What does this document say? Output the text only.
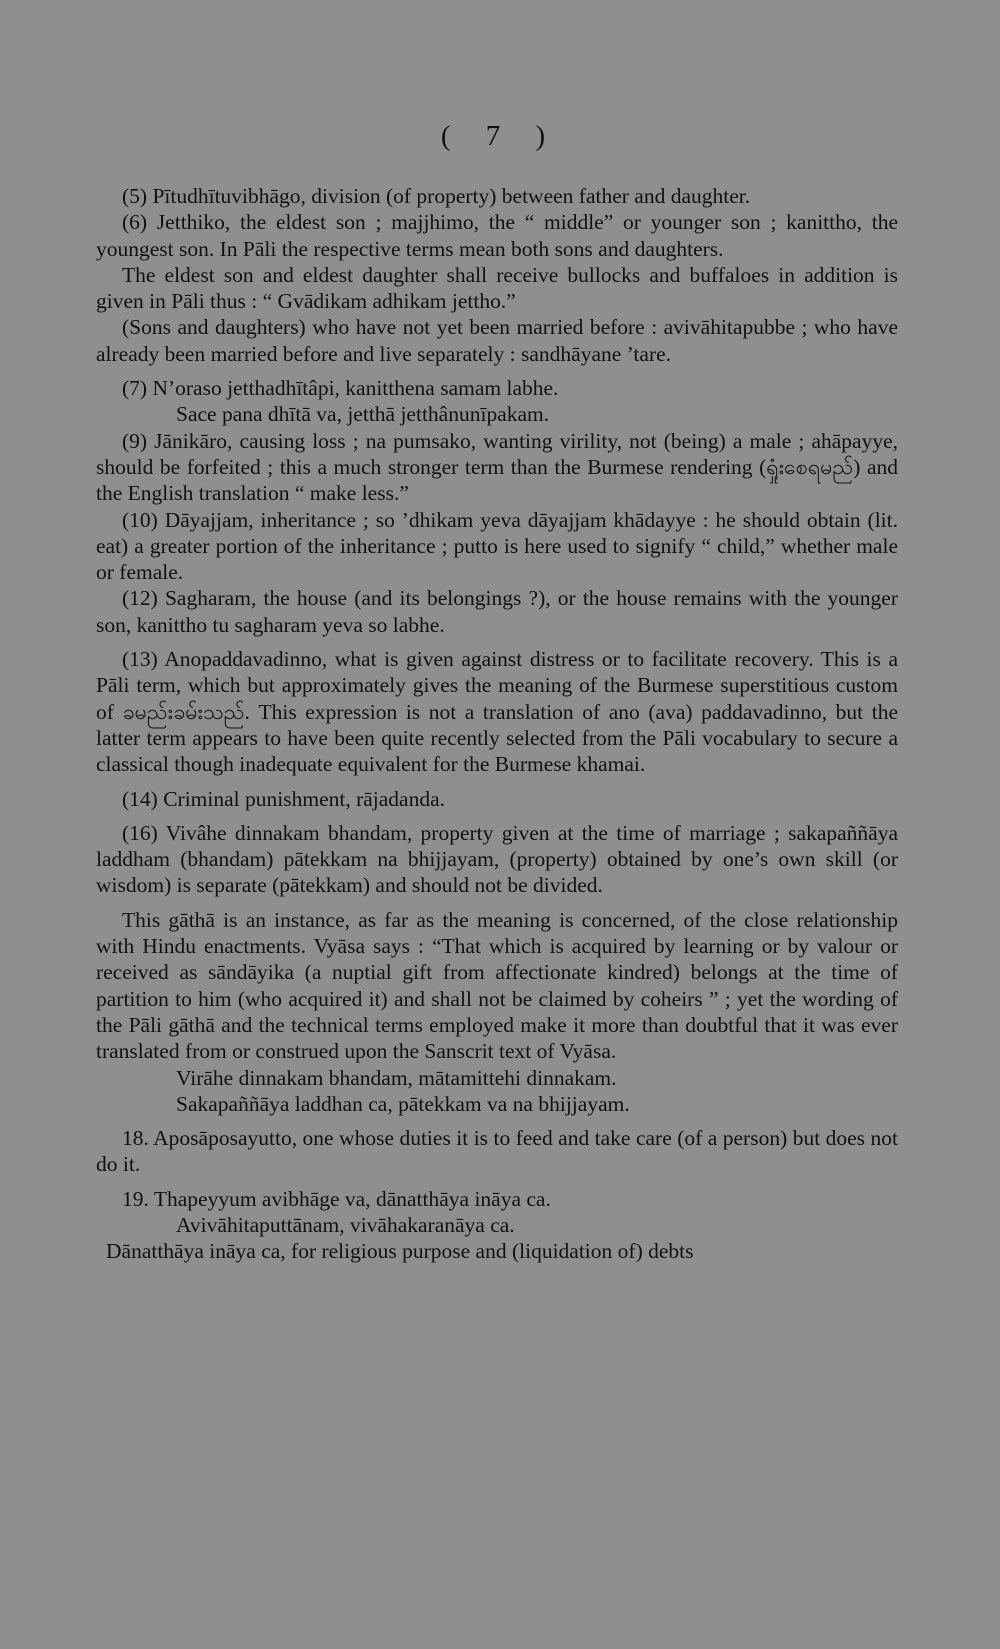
( 7 )

(5) Pītudhītuvibhāgo, division (of property) between father and daughter.

(6) Jetthiko, the eldest son ; majjhimo, the “ middle” or younger son ; kanittho, the youngest son. In Pāli the respective terms mean both sons and daughters.

The eldest son and eldest daughter shall receive bullocks and buffaloes in addition is given in Pāli thus : “ Gvādikam adhikam jettho.”

(Sons and daughters) who have not yet been married before : avivāhitapubbe ; who have already been married before and live separately : sandhāyane ’tare.

(7) N’oraso jetthadhītâpi, kanitthena samam labhe.

Sace pana dhītā va, jetthā jetthânunīpakam.

(9) Jānikāro, causing loss ; na pumsako, wanting virility, not (being) a male ; ahāpayye, should be forfeited ; this a much stronger term than the Burmese rendering (ရှုံးစေရမည်) and the English translation “ make less.”

(10) Dāyajjam, inheritance ; so ’dhikam yeva dāyajjam khādayye : he should obtain (lit. eat) a greater portion of the inheritance ; putto is here used to signify “ child,” whether male or female.

(12) Sagharam, the house (and its belongings ?), or the house remains with the younger son, kanittho tu sagharam yeva so labhe.

(13) Anopaddavadinno, what is given against distress or to facilitate recovery. This is a Pāli term, which but approximately gives the meaning of the Burmese superstitious custom of ခမည်းခမ်းသည်. This expression is not a translation of ano (ava) paddavadinno, but the latter term appears to have been quite recently selected from the Pāli vocabulary to secure a classical though inadequate equivalent for the Burmese khamai.

(14) Criminal punishment, rājadanda.

(16) Vivâhe dinnakam bhandam, property given at the time of marriage ; sakapaññāya laddham (bhandam) pātekkam na bhijjayam, (property) obtained by one’s own skill (or wisdom) is separate (pātekkam) and should not be divided.

This gāthā is an instance, as far as the meaning is concerned, of the close relationship with Hindu enactments. Vyāsa says : “That which is acquired by learning or by valour or received as sāndāyika (a nuptial gift from affectionate kindred) belongs at the time of partition to him (who acquired it) and shall not be claimed by coheirs ” ; yet the wording of the Pāli gāthā and the technical terms employed make it more than doubtful that it was ever translated from or construed upon the Sanscrit text of Vyāsa.

Virāhe dinnakam bhandam, mātamittehi dinnakam.

Sakapaññāya laddhan ca, pātekkam va na bhijjayam.

18. Aposāposayutto, one whose duties it is to feed and take care (of a person) but does not do it.

19. Thapeyyum avibhāge va, dānatthāya ināya ca.

Avivāhitaputtānam, vivāhakaranāya ca.

Dānatthāya ināya ca, for religious purpose and (liquidation of) debts
